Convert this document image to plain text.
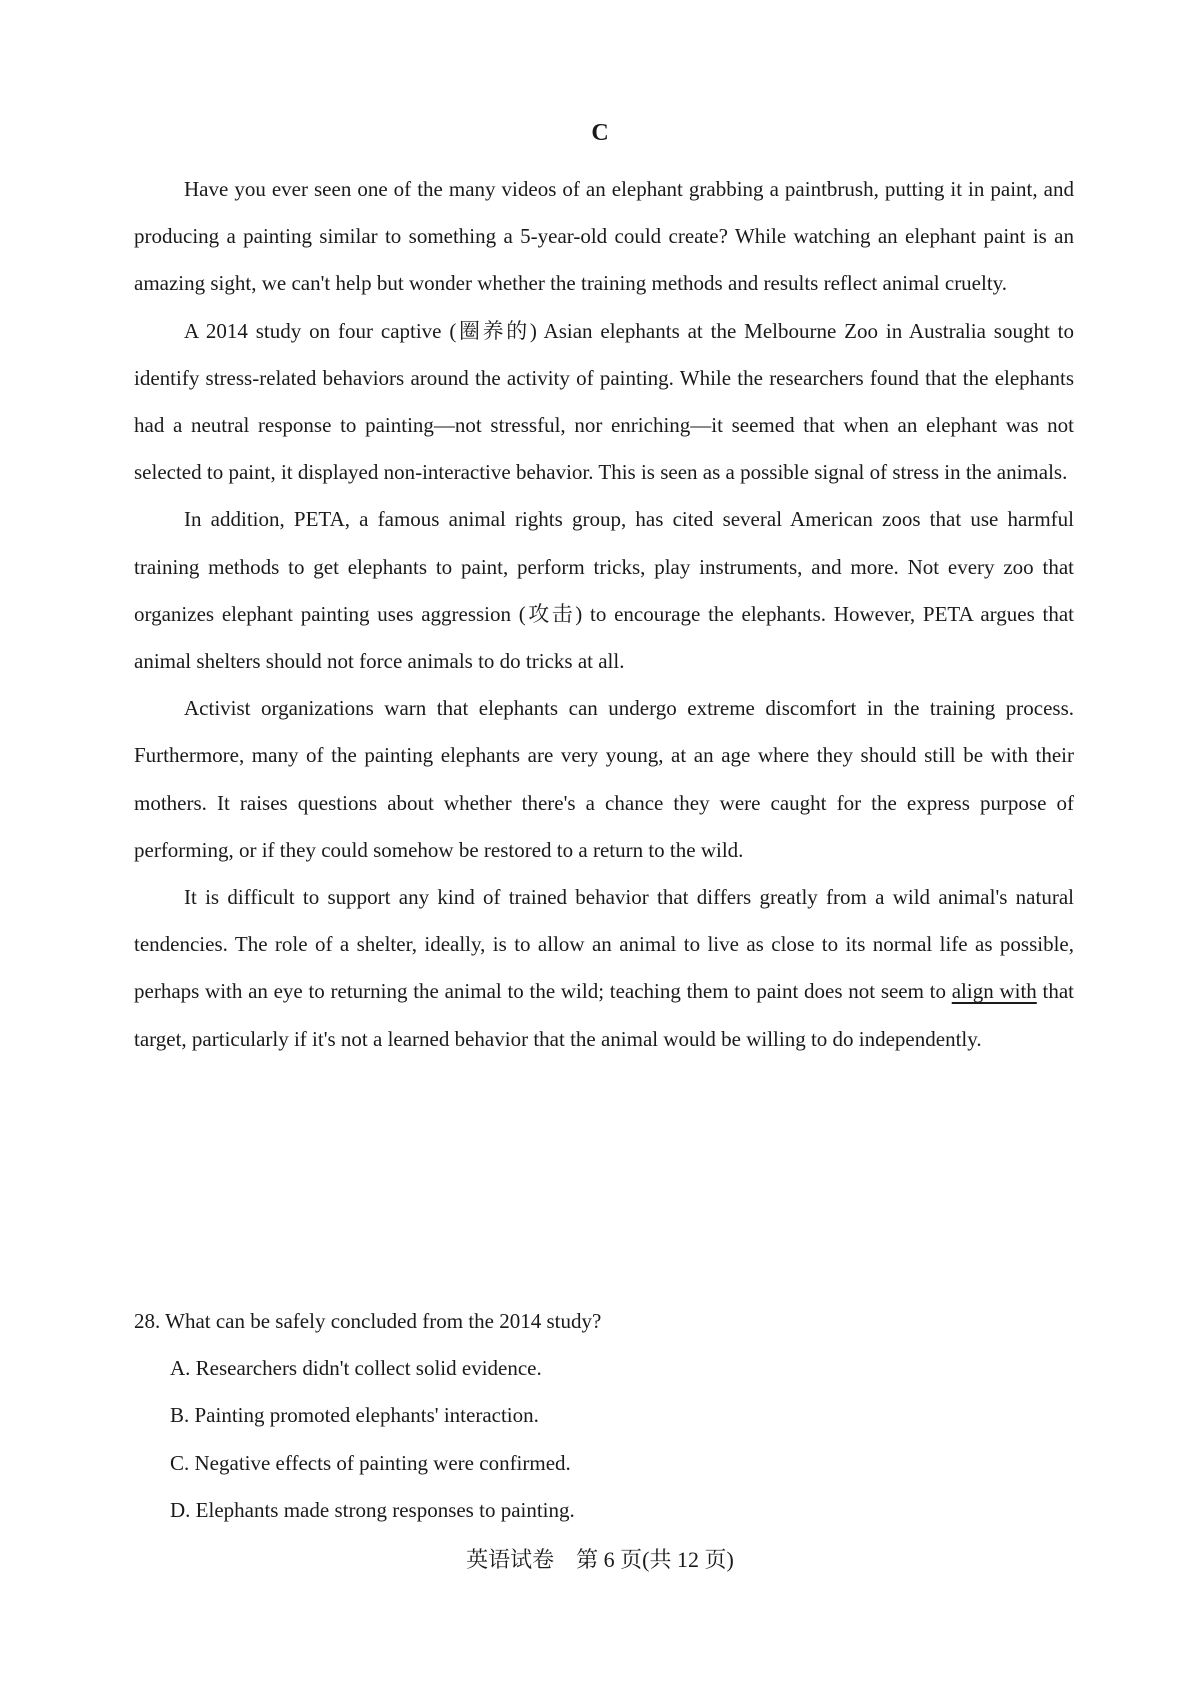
C

Have you ever seen one of the many videos of an elephant grabbing a paintbrush, putting it in paint, and producing a painting similar to something a 5-year-old could create? While watching an elephant paint is an amazing sight, we can't help but wonder whether the training methods and results reflect animal cruelty.

A 2014 study on four captive (圈养的) Asian elephants at the Melbourne Zoo in Australia sought to identify stress-related behaviors around the activity of painting. While the researchers found that the elephants had a neutral response to painting—not stressful, nor enriching—it seemed that when an elephant was not selected to paint, it displayed non-interactive behavior. This is seen as a possible signal of stress in the animals.

In addition, PETA, a famous animal rights group, has cited several American zoos that use harmful training methods to get elephants to paint, perform tricks, play instruments, and more. Not every zoo that organizes elephant painting uses aggression (攻击) to encourage the elephants. However, PETA argues that animal shelters should not force animals to do tricks at all.

Activist organizations warn that elephants can undergo extreme discomfort in the training process. Furthermore, many of the painting elephants are very young, at an age where they should still be with their mothers. It raises questions about whether there's a chance they were caught for the express purpose of performing, or if they could somehow be restored to a return to the wild.

It is difficult to support any kind of trained behavior that differs greatly from a wild animal's natural tendencies. The role of a shelter, ideally, is to allow an animal to live as close to its normal life as possible, perhaps with an eye to returning the animal to the wild; teaching them to paint does not seem to align with that target, particularly if it's not a learned behavior that the animal would be willing to do independently.

28. What can be safely concluded from the 2014 study?

A. Researchers didn't collect solid evidence.

B. Painting promoted elephants' interaction.

C. Negative effects of painting were confirmed.

D. Elephants made strong responses to painting.

英语试卷　第 6 页(共 12 页)
